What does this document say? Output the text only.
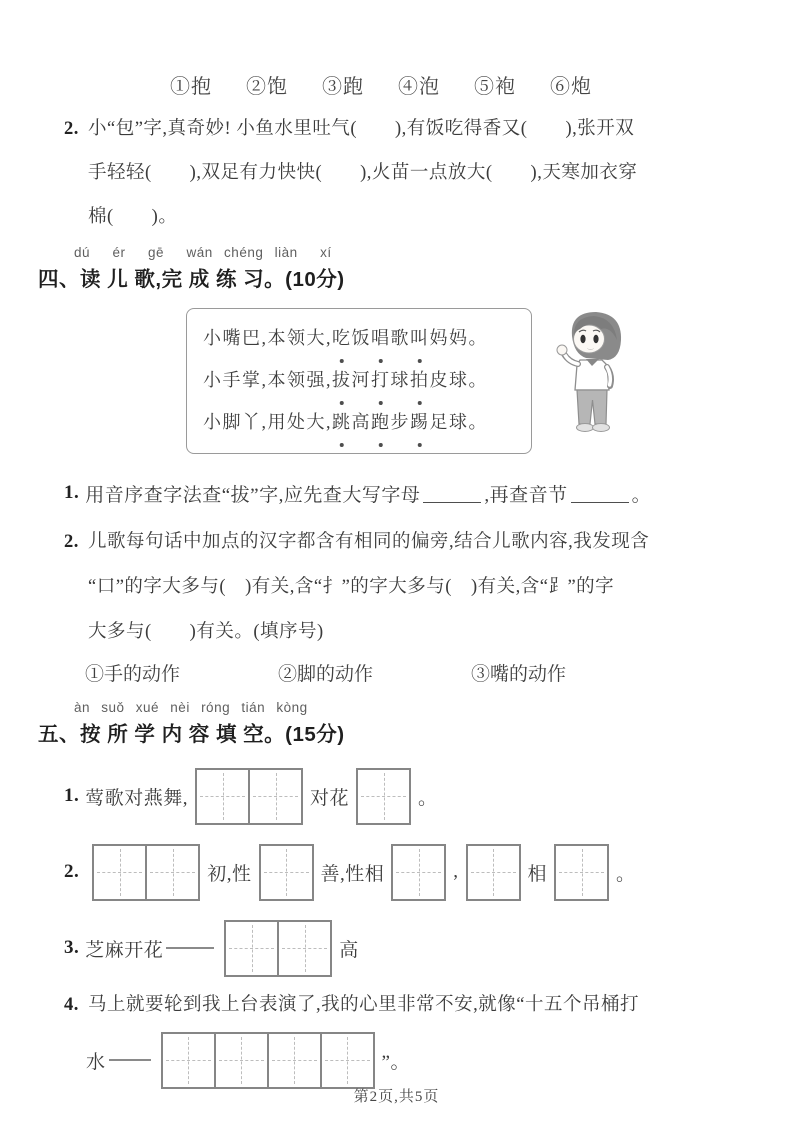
①抱 ②饱 ③跑 ④泡 ⑤袍 ⑥炮
2. 小“包”字,真奇妙! 小鱼水里吐气(　　),有饭吃得香又(　　),张开双
手轻轻(　　),双足有力快快(　　),火苗一点放大(　　),天寒加衣穿
棉(　　)。
dú  ér  gē  wán chéng liàn  xí
四、读 儿 歌,完 成 练 习。(10分)
小嘴巴,本领大,吃饭唱歌叫妈妈。
小手掌,本领强,拔河打球拍皮球。
小脚丫,用处大,跳高跑步踢足球。
1. 用音序查字法查“拔”字,应先查大写字母	,再查音节	。
2. 儿歌每句话中加点的汉字都含有相同的偏旁,结合儿歌内容,我发现含
“口”的字大多与(　)有关,含“扌”的字大多与(　)有关,含“⻊”的字
大多与(　　)有关。(填序号)
①手的动作	②脚的动作	③嘴的动作
àn suǒ xué nèi róng tián kòng
五、按 所 学 内 容 填 空。(15分)
1. 莺歌对燕舞,	对花	。
2.	初,性	善,性相	,	相	。
3. 芝麻开花	高
4. 马上就要轮到我上台表演了,我的心里非常不安,就像“十五个吊桶打
水	”。
第2页,共5页
